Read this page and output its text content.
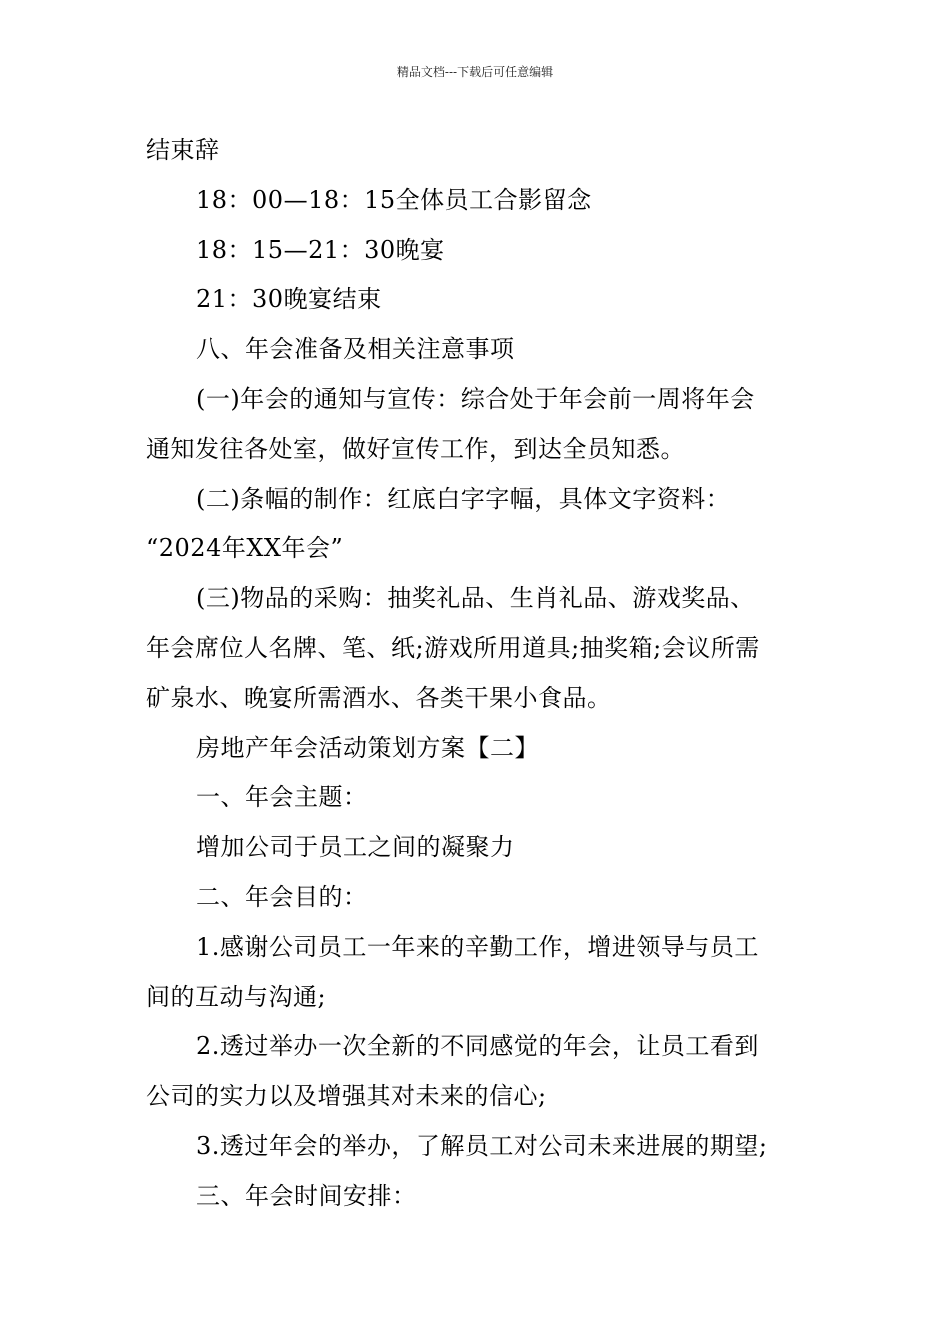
精品文档---下载后可任意编辑

结束辞

18：00—18：15全体员工合影留念

18：15—21：30晚宴

21：30晚宴结束

八、年会准备及相关注意事项

(一)年会的通知与宣传：综合处于年会前一周将年会

通知发往各处室，做好宣传工作，到达全员知悉。

(二)条幅的制作：红底白字字幅，具体文字资料：

“2024年XX年会”

(三)物品的采购：抽奖礼品、生肖礼品、游戏奖品、

年会席位人名牌、笔、纸;游戏所用道具;抽奖箱;会议所需

矿泉水、晚宴所需酒水、各类干果小食品。

房地产年会活动策划方案【二】

一、年会主题：

增加公司于员工之间的凝聚力

二、年会目的：

1.感谢公司员工一年来的辛勤工作，增进领导与员工

间的互动与沟通;

2.透过举办一次全新的不同感觉的年会，让员工看到

公司的实力以及增强其对未来的信心;

3.透过年会的举办，了解员工对公司未来进展的期望;

三、年会时间安排：
